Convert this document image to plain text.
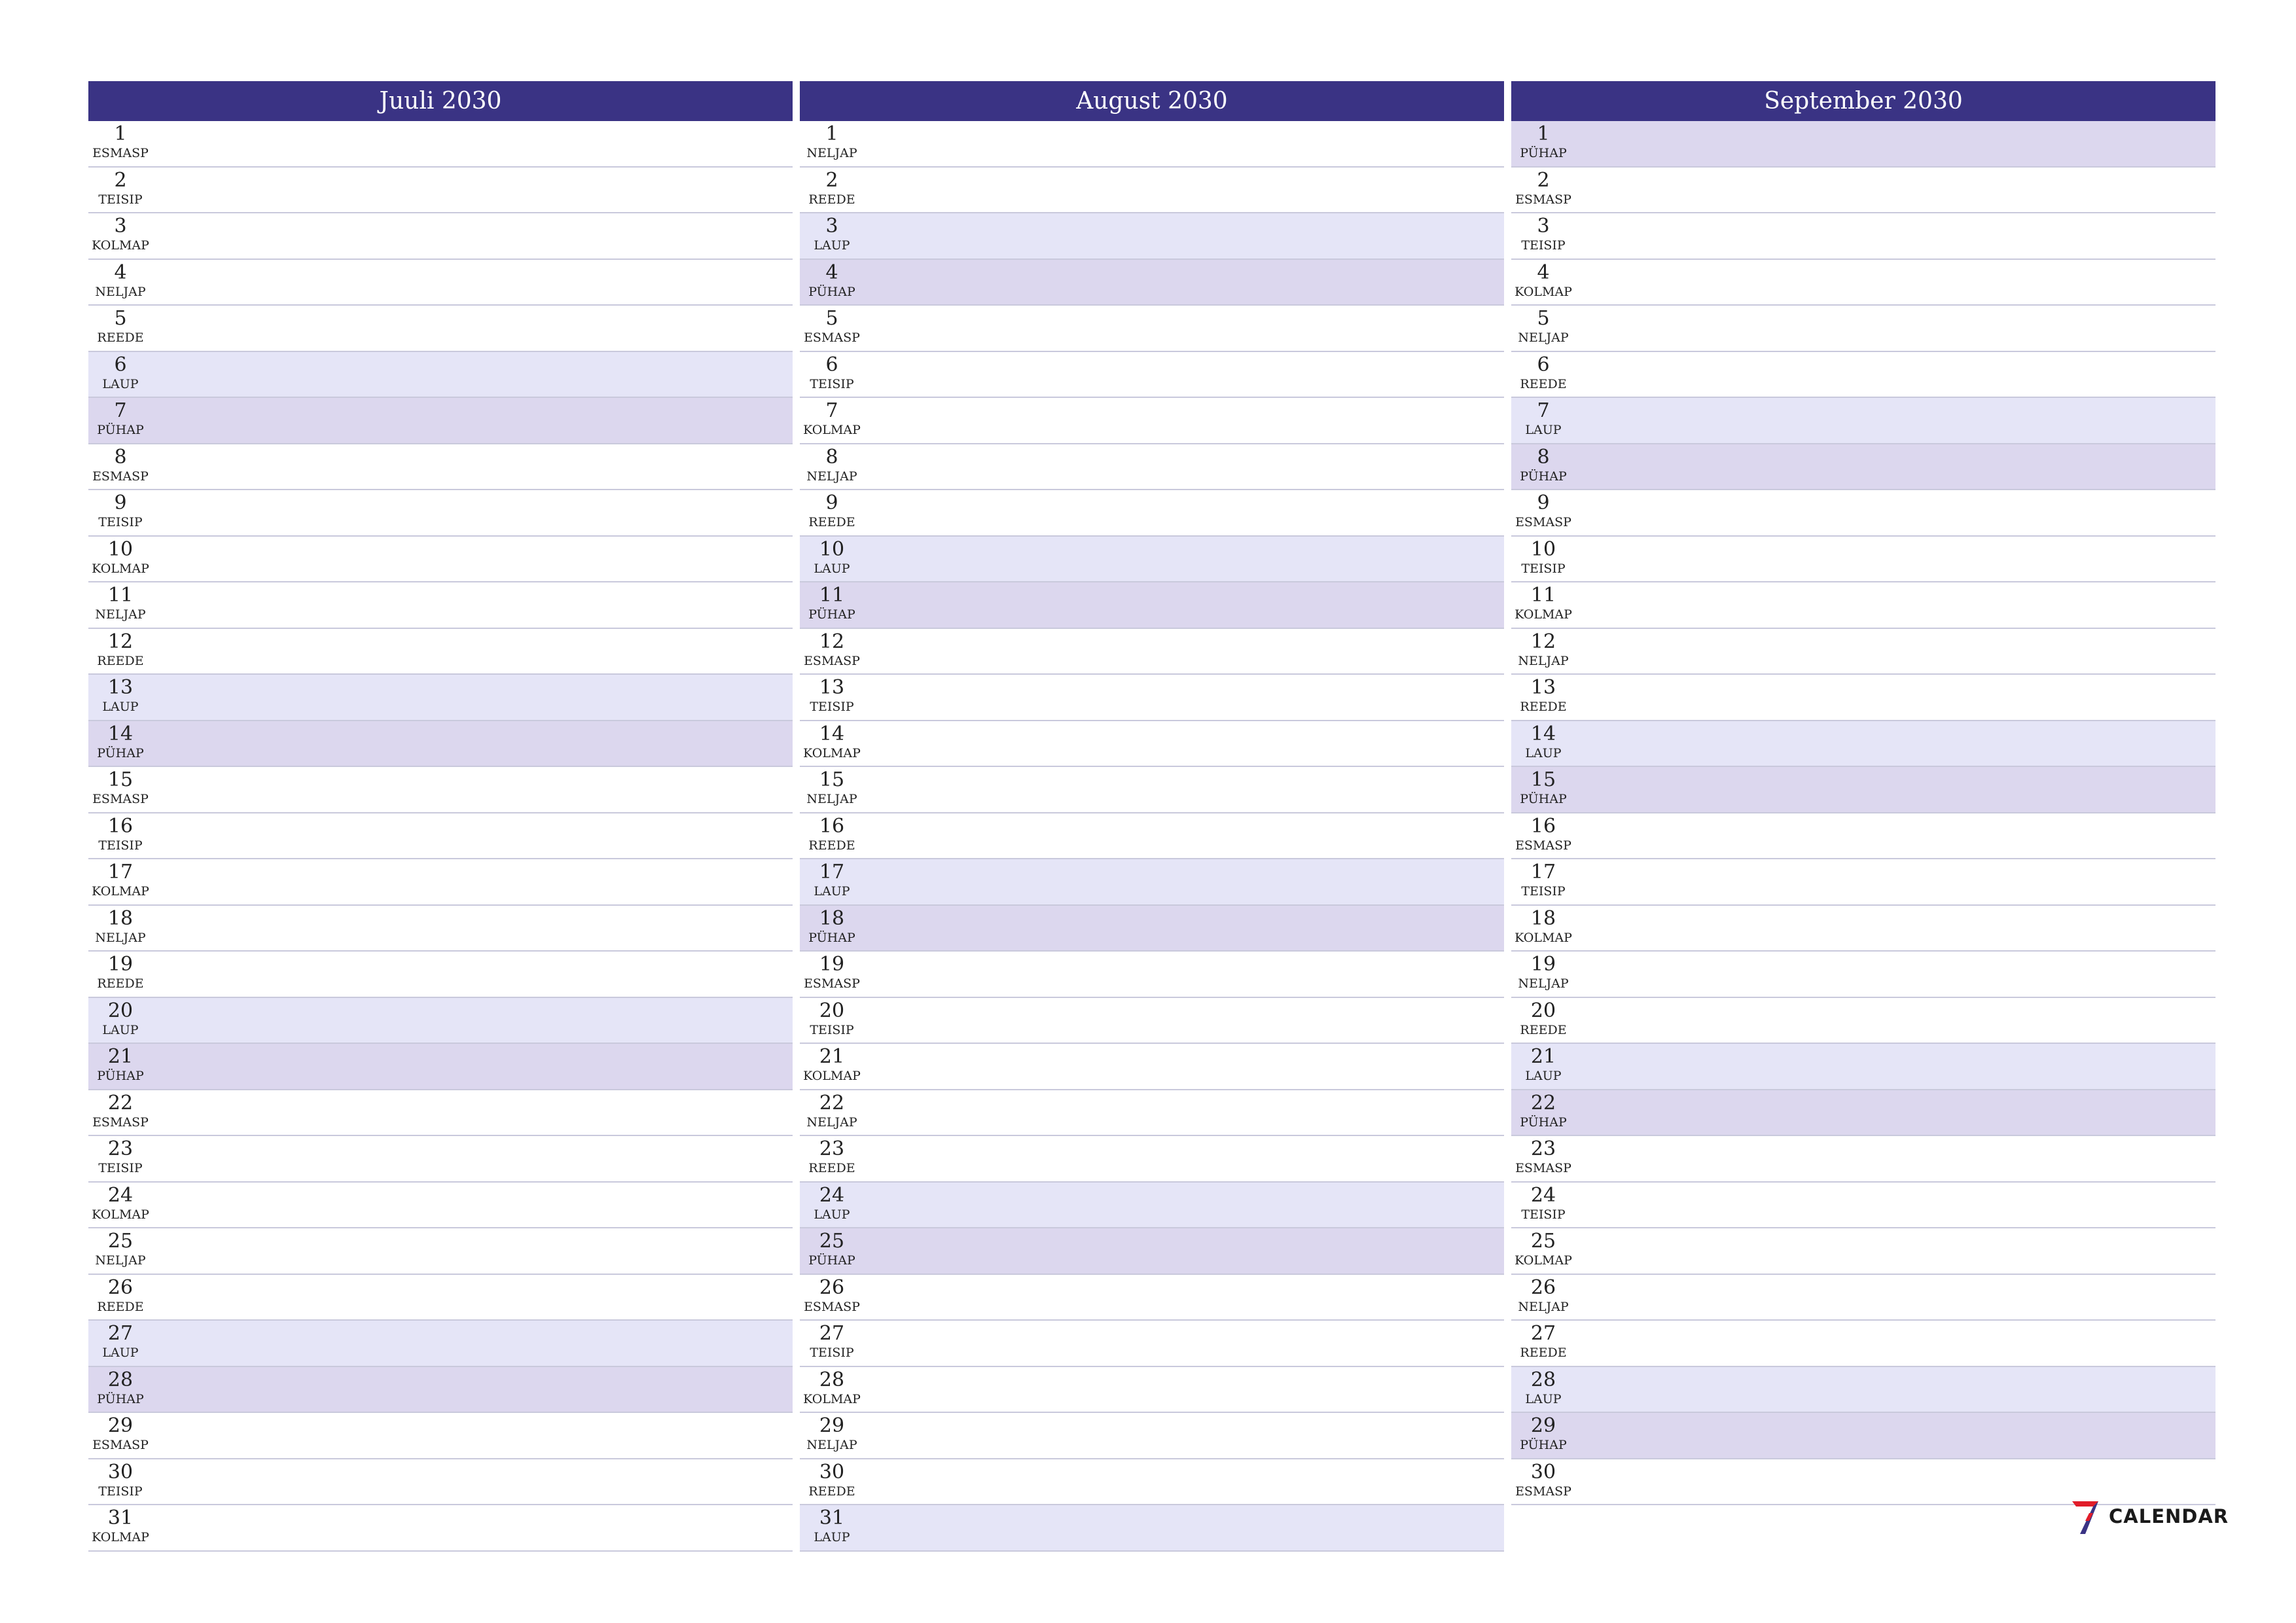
Juuli 2030
1
ESMASP
2
TEISIP
3
KOLMAP
4
NELJAP
5
REEDE
6
LAUP
7
PÜHAP
8
ESMASP
9
TEISIP
10
KOLMAP
11
NELJAP
12
REEDE
13
LAUP
14
PÜHAP
15
ESMASP
16
TEISIP
17
KOLMAP
18
NELJAP
19
REEDE
20
LAUP
21
PÜHAP
22
ESMASP
23
TEISIP
24
KOLMAP
25
NELJAP
26
REEDE
27
LAUP
28
PÜHAP
29
ESMASP
30
TEISIP
31
KOLMAP
August 2030
1
NELJAP
2
REEDE
3
LAUP
4
PÜHAP
5
ESMASP
6
TEISIP
7
KOLMAP
8
NELJAP
9
REEDE
10
LAUP
11
PÜHAP
12
ESMASP
13
TEISIP
14
KOLMAP
15
NELJAP
16
REEDE
17
LAUP
18
PÜHAP
19
ESMASP
20
TEISIP
21
KOLMAP
22
NELJAP
23
REEDE
24
LAUP
25
PÜHAP
26
ESMASP
27
TEISIP
28
KOLMAP
29
NELJAP
30
REEDE
31
LAUP
September 2030
1
PÜHAP
2
ESMASP
3
TEISIP
4
KOLMAP
5
NELJAP
6
REEDE
7
LAUP
8
PÜHAP
9
ESMASP
10
TEISIP
11
KOLMAP
12
NELJAP
13
REEDE
14
LAUP
15
PÜHAP
16
ESMASP
17
TEISIP
18
KOLMAP
19
NELJAP
20
REEDE
21
LAUP
22
PÜHAP
23
ESMASP
24
TEISIP
25
KOLMAP
26
NELJAP
27
REEDE
28
LAUP
29
PÜHAP
30
ESMASP
CALENDAR
